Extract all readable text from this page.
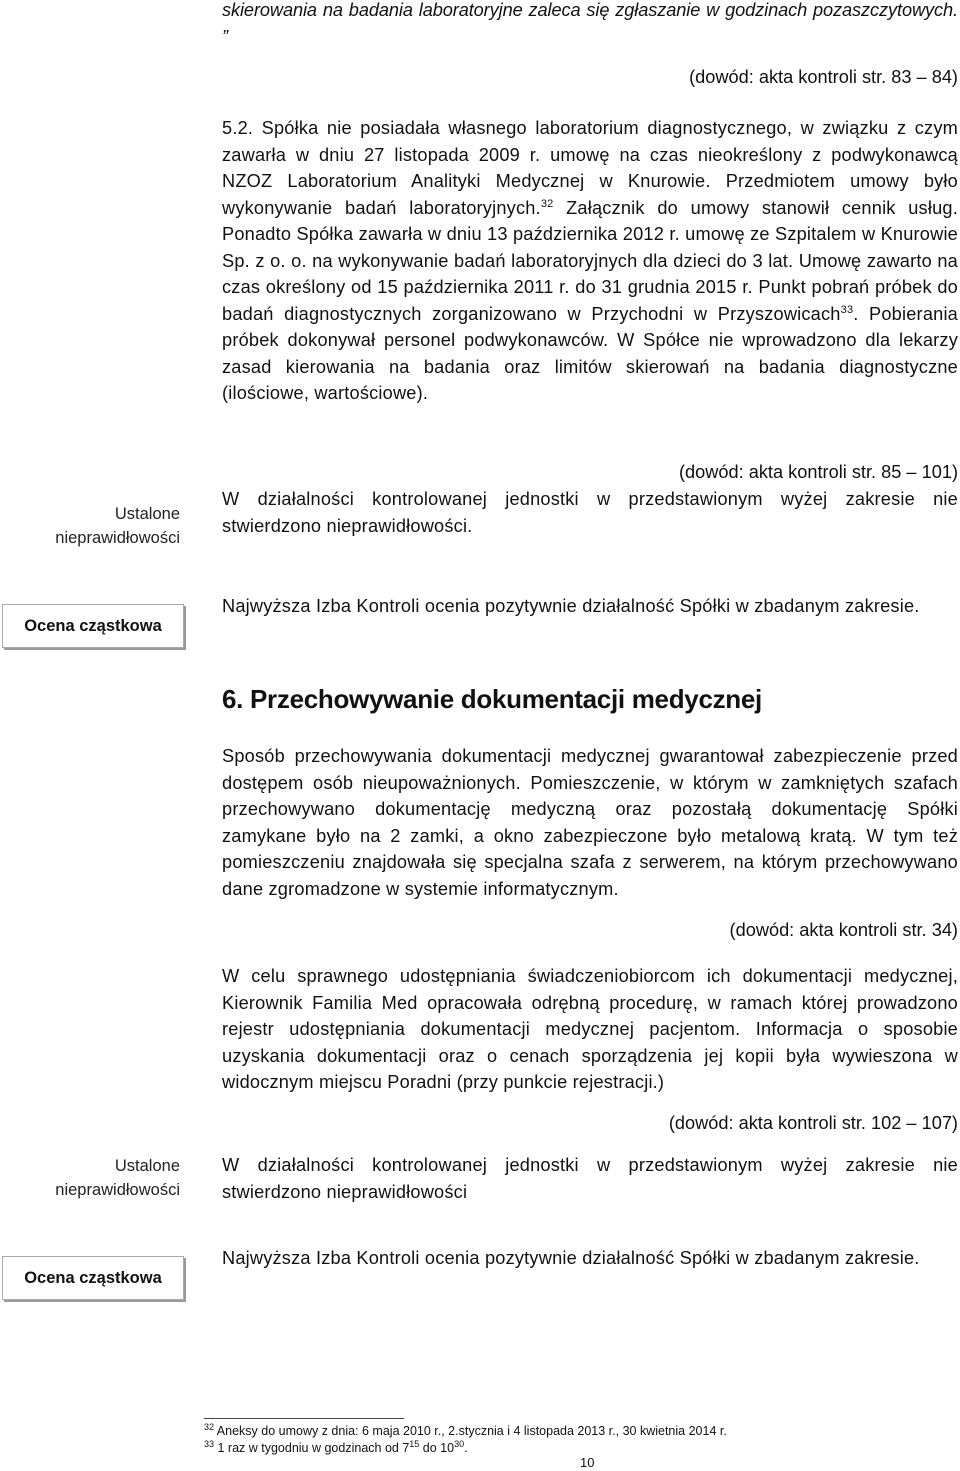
skierowania na badania laboratoryjne zaleca się zgłaszanie w godzinach pozaszczytowych. ”

(dowód: akta kontroli str. 83 – 84)

5.2. Spółka nie posiadała własnego laboratorium diagnostycznego, w związku z czym zawarła w dniu 27 listopada 2009 r. umowę na czas nieokreślony z podwykonawcą NZOZ Laboratorium Analityki Medycznej w Knurowie. Przedmiotem umowy było wykonywanie badań laboratoryjnych.$^{32}$ Załącznik do umowy stanowił cennik usług. Ponadto Spółka zawarła w dniu 13 października 2012 r. umowę ze Szpitalem w Knurowie Sp. z o. o. na wykonywanie badań laboratoryjnych dla dzieci do 3 lat. Umowę zawarto na czas określony od 15 października 2011 r. do 31 grudnia 2015 r. Punkt pobrań próbek do badań diagnostycznych zorganizowano w Przychodni w Przyszowicach$^{33}$. Pobierania próbek dokonywał personel podwykonawców. W Spółce nie wprowadzono dla lekarzy zasad kierowania na badania oraz limitów skierowań na badania diagnostyczne (ilościowe, wartościowe).

(dowód: akta kontroli str. 85 – 101)
Ustalone
nieprawidłowości

W działalności kontrolowanej jednostki w przedstawionym wyżej zakresie nie stwierdzono nieprawidłowości.

Ocena cząstkowa

Najwyższa Izba Kontroli ocenia pozytywnie działalność Spółki w zbadanym zakresie.

6. Przechowywanie dokumentacji medycznej

Sposób przechowywania dokumentacji medycznej gwarantował zabezpieczenie przed dostępem osób nieupoważnionych. Pomieszczenie, w którym w zamkniętych szafach przechowywano dokumentację medyczną oraz pozostałą dokumentację Spółki zamykane było na 2 zamki, a okno zabezpieczone było metalową kratą. W tym też pomieszczeniu znajdowała się specjalna szafa z serwerem, na którym przechowywano dane zgromadzone w systemie informatycznym.

(dowód: akta kontroli str. 34)

W celu sprawnego udostępniania świadczeniobiorcom ich dokumentacji medycznej, Kierownik Familia Med opracowała odrębną procedurę, w ramach której prowadzono rejestr udostępniania dokumentacji medycznej pacjentom. Informacja o sposobie uzyskania dokumentacji oraz o cenach sporządzenia jej kopii była wywieszona w widocznym miejscu Poradni (przy punkcie rejestracji.)

(dowód: akta kontroli str. 102 – 107)
Ustalone
nieprawidłowości

W działalności kontrolowanej jednostki w przedstawionym wyżej zakresie nie stwierdzono nieprawidłowości

Ocena cząstkowa

Najwyższa Izba Kontroli ocenia pozytywnie działalność Spółki w zbadanym zakresie.

$^{32}$ Aneksy do umowy z dnia: 6 maja 2010 r., 2.stycznia i 4 listopada 2013 r., 30 kwietnia 2014 r.
$^{33}$ 1 raz w tygodniu w godzinach od $7^{15}$ do $10^{30}$.
10
